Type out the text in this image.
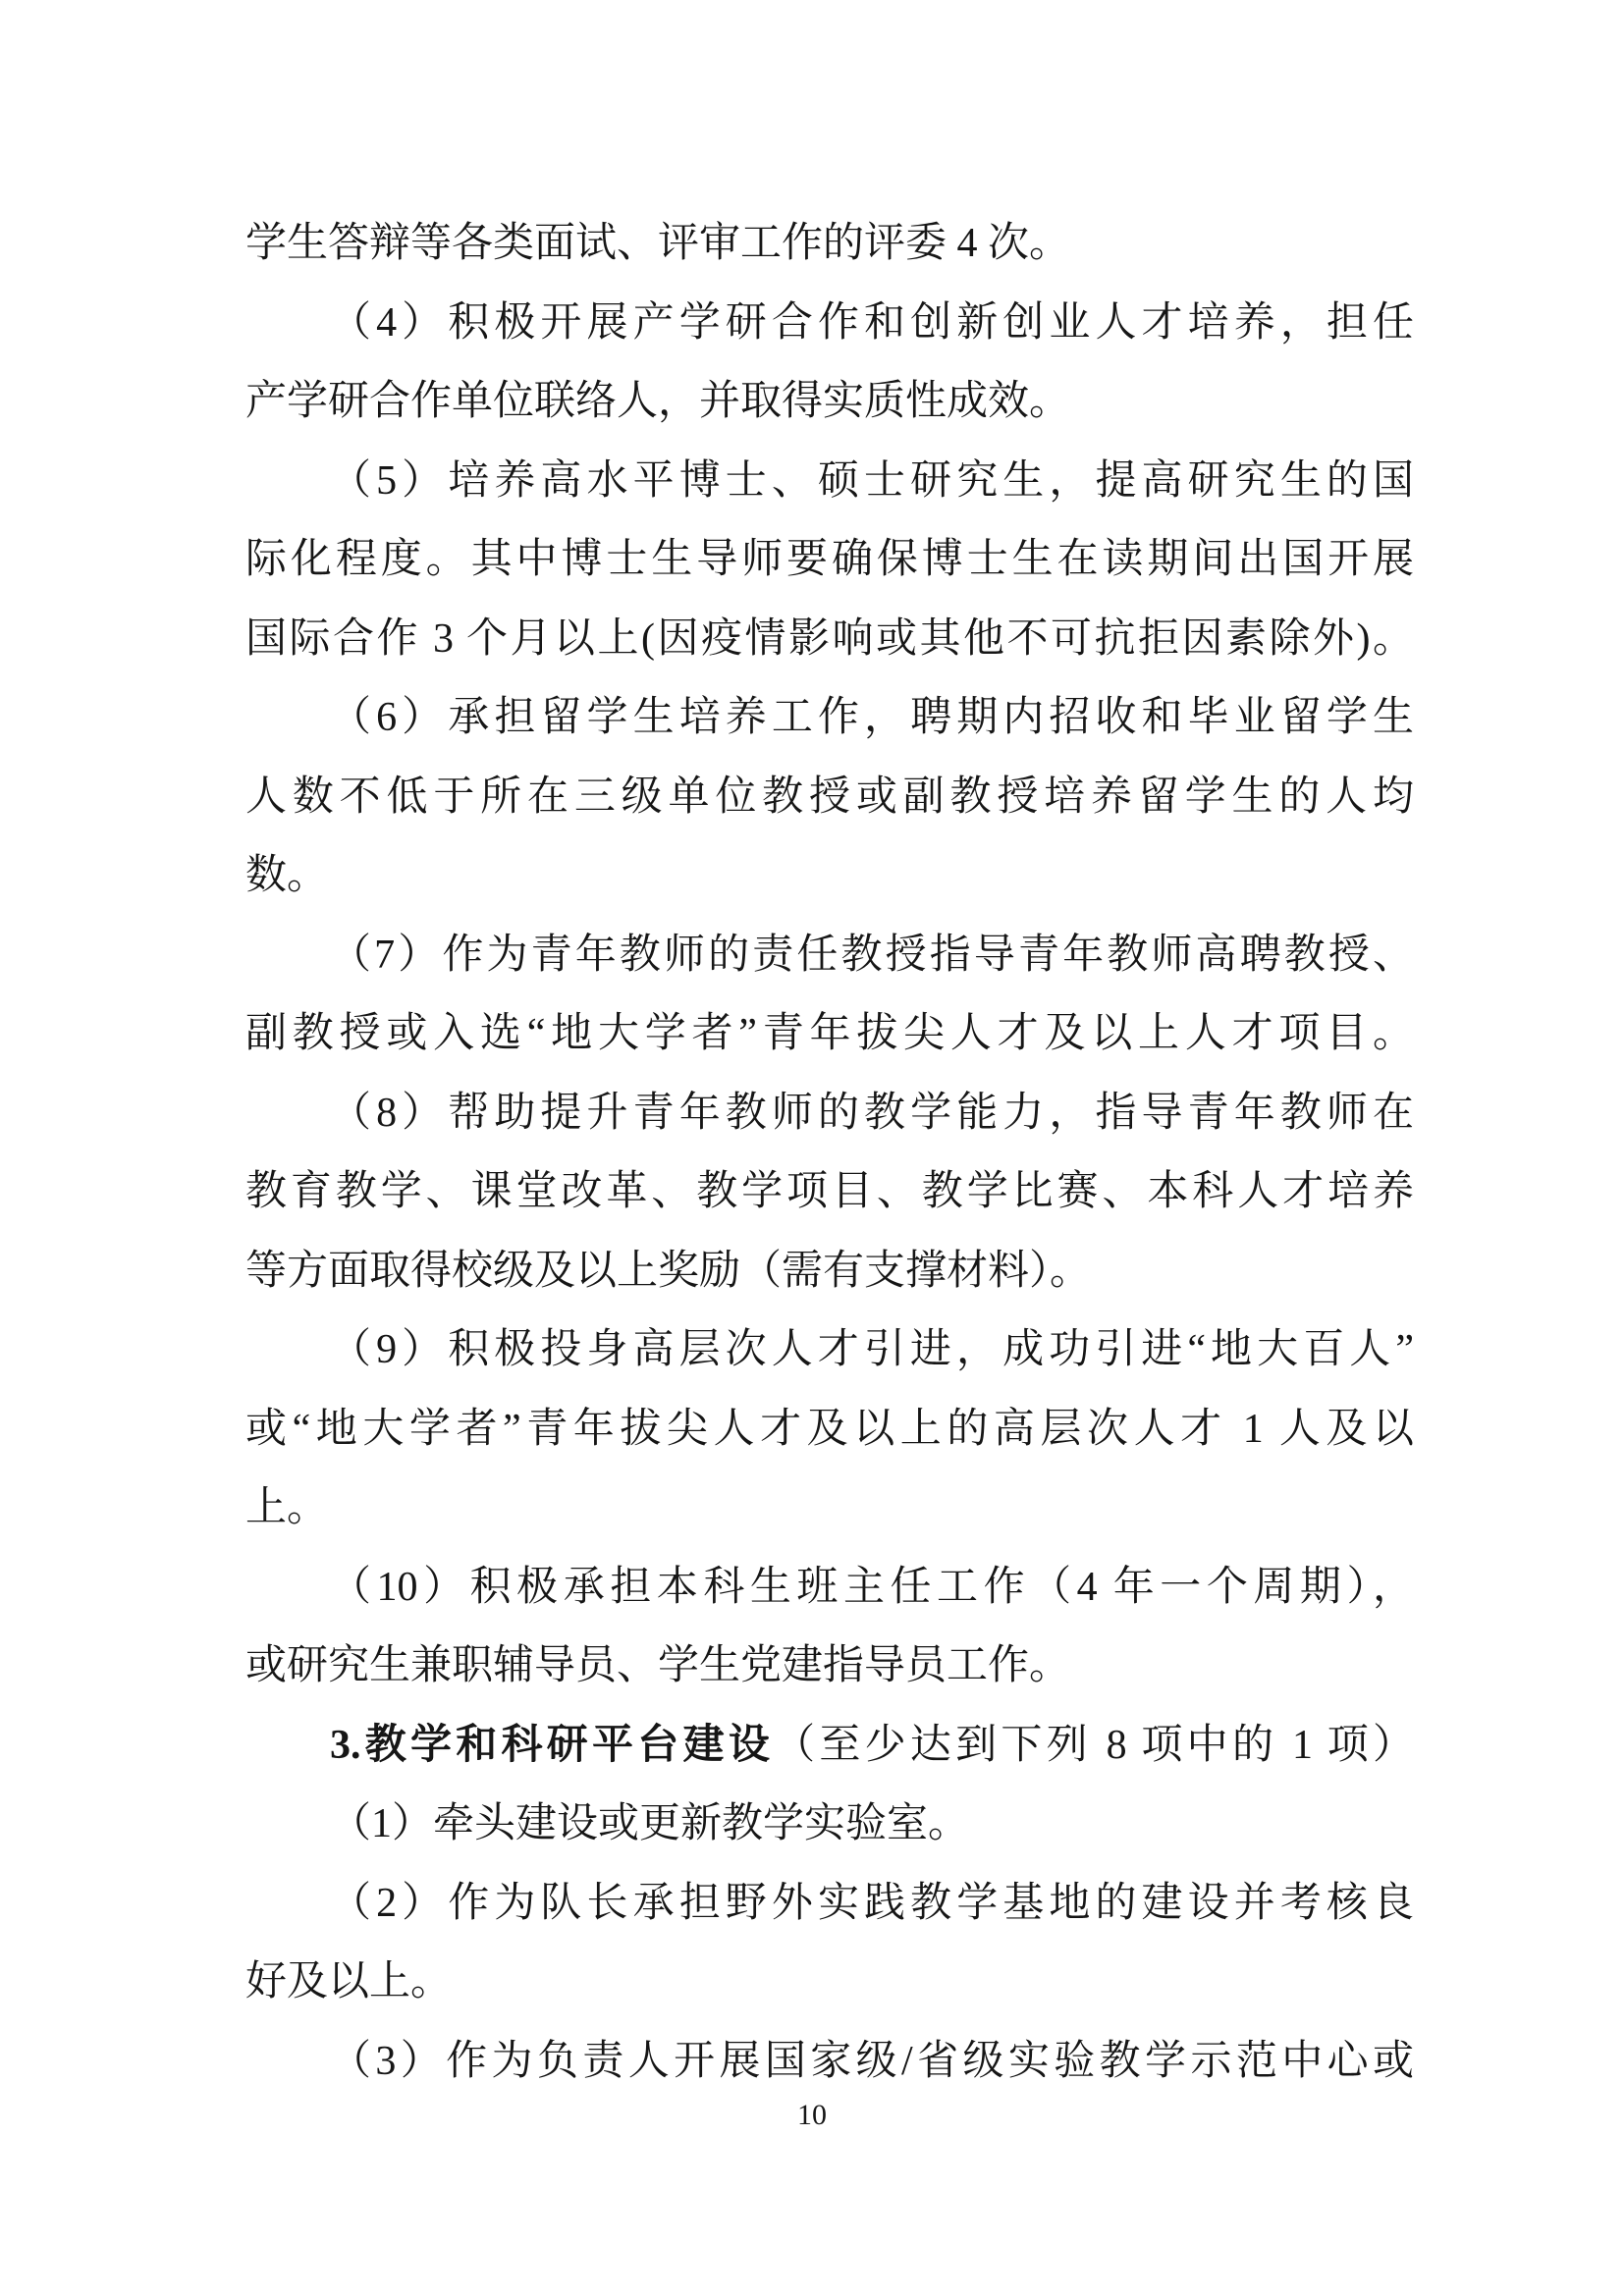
学生答辩等各类面试、评审工作的评委 4 次。
（4）积极开展产学研合作和创新创业人才培养，担任
产学研合作单位联络人，并取得实质性成效。
（5）培养高水平博士、硕士研究生，提高研究生的国
际化程度。其中博士生导师要确保博士生在读期间出国开展
国际合作 3 个月以上(因疫情影响或其他不可抗拒因素除外)。
（6）承担留学生培养工作，聘期内招收和毕业留学生
人数不低于所在三级单位教授或副教授培养留学生的人均
数。
（7）作为青年教师的责任教授指导青年教师高聘教授、
副教授或入选“地大学者”青年拔尖人才及以上人才项目。
（8）帮助提升青年教师的教学能力，指导青年教师在
教育教学、课堂改革、教学项目、教学比赛、本科人才培养
等方面取得校级及以上奖励（需有支撑材料）。
（9）积极投身高层次人才引进，成功引进“地大百人”
或“地大学者”青年拔尖人才及以上的高层次人才 1 人及以
上。
（10）积极承担本科生班主任工作（4 年一个周期），
或研究生兼职辅导员、学生党建指导员工作。
3.教学和科研平台建设（至少达到下列 8 项中的 1 项）
（1）牵头建设或更新教学实验室。
（2）作为队长承担野外实践教学基地的建设并考核良
好及以上。
（3）作为负责人开展国家级/省级实验教学示范中心或
10
